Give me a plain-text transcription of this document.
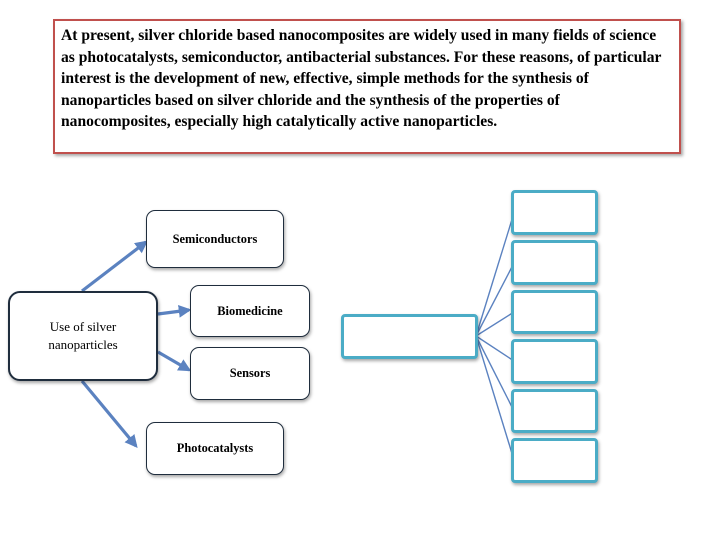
At present, silver chloride based nanocomposites are widely used in many fields of science as photocatalysts, semiconductor, antibacterial substances. For these reasons, of particular interest is the development of new, effective, simple methods for the synthesis of nanoparticles based on silver chloride and the synthesis of the properties of nanocomposites, especially high catalytically active nanoparticles.
Use of silver nanoparticles
Semiconductors
Biomedicine
Sensors
Photocatalysts
